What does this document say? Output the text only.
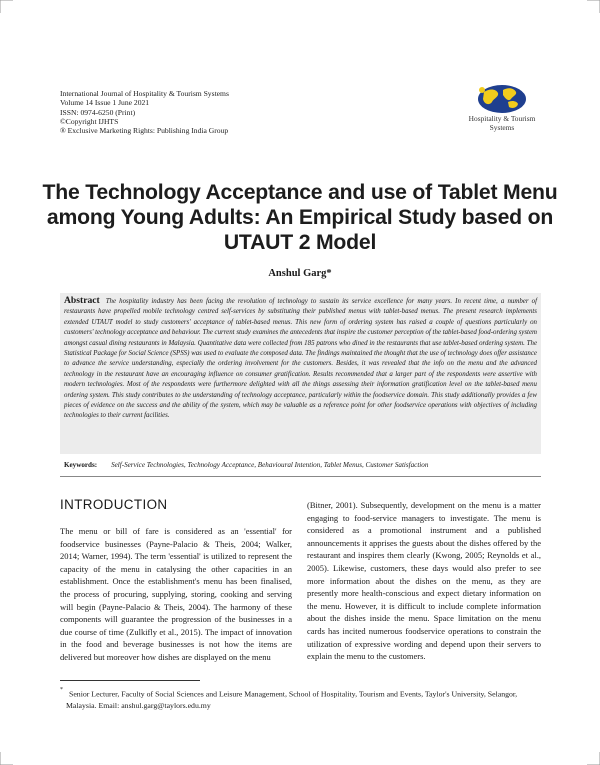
International Journal of Hospitality & Tourism Systems
Volume 14 Issue 1 June 2021
ISSN: 0974-6250 (Print)
©Copyright IJHTS
® Exclusive Marketing Rights: Publishing India Group
Hospitality & Tourism
Systems
The Technology Acceptance and use of Tablet Menu among Young Adults: An Empirical Study based on UTAUT 2 Model
Anshul Garg*
Abstract The hospitality industry has been facing the revolution of technology to sustain its service excellence for many years. In recent time, a number of restaurants have propelled mobile technology centred self-services by substituting their published menus with tablet-based menus. The present research implements extended UTAUT model to study customers' acceptance of tablet-based menus. This new form of ordering system has raised a couple of questions particularly on customers' technology acceptance and behaviour. The current study examines the antecedents that inspire the customer perception of the tablet-based food-ordering system amongst casual dining restaurants in Malaysia. Quantitative data were collected from 185 patrons who dined in the restaurants that use tablet-based ordering system. The Statistical Package for Social Science (SPSS) was used to evaluate the composed data. The findings maintained the thought that the use of technology does offer assistance to advance the service understanding, especially the ordering involvement for the customers. Besides, it was revealed that the info on the menu and the advanced technology in the restaurant have an encouraging influence on consumer gratification. Results recommended that a larger part of the respondents were assertive with modern technologies. Most of the respondents were furthermore delighted with all the things assessing their information gratification level on the tablet-based menu ordering system. This study contributes to the understanding of technology acceptance, particularly within the foodservice domain. This study additionally provides a few pieces of evidence on the success and the ability of the system, which may be valuable as a reference point for other foodservice operations with objectives of including technologies to their current facilities.
Keywords: Self-Service Technologies, Technology Acceptance, Behavioural Intention, Tablet Menus, Customer Satisfaction
INTRODUCTION
The menu or bill of fare is considered as an 'essential' for foodservice businesses (Payne-Palacio & Theis, 2004; Walker, 2014; Warner, 1994). The term 'essential' is utilized to represent the capacity of the menu in catalysing the other capacities in an establishment. Once the establishment's menu has been finalised, the process of procuring, supplying, storing, cooking and serving will begin (Payne-Palacio & Theis, 2004). The harmony of these components will guarantee the progression of the businesses in a due course of time (Zulkifly et al., 2015). The impact of innovation in the food and beverage businesses is not how the items are delivered but moreover how dishes are displayed on the menu
(Bitner, 2001). Subsequently, development on the menu is a matter engaging to food-service managers to investigate. The menu is considered as a promotional instrument and a published announcements it apprises the guests about the dishes offered by the restaurant and inspires them clearly (Kwong, 2005; Reynolds et al., 2005). Likewise, customers, these days would also prefer to see more information about the dishes on the menu, as they are presently more health-conscious and expect dietary information on the menu. However, it is difficult to include complete information about the dishes inside the menu. Space limitation on the menu cards has incited numerous foodservice operations to constrain the utilization of expressive wording and depend upon their servers to explain the menu to the customers.
* Senior Lecturer, Faculty of Social Sciences and Leisure Management, School of Hospitality, Tourism and Events, Taylor's University, Selangor, Malaysia. Email: anshul.garg@taylors.edu.my
